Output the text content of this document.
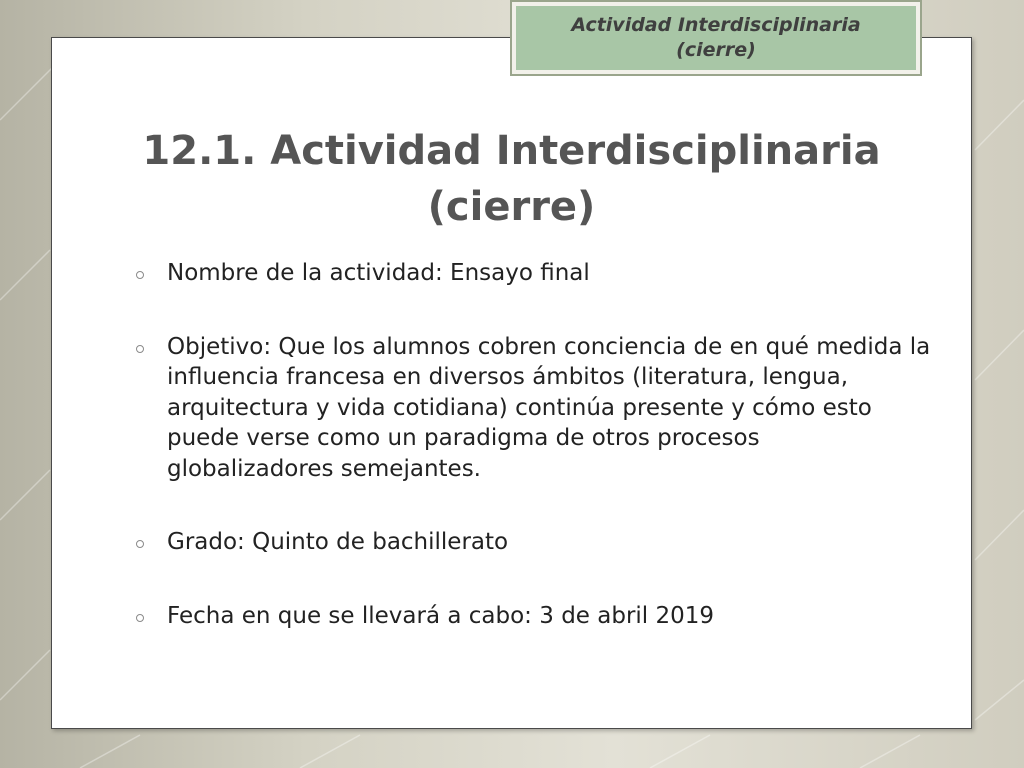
12.1. Actividad Interdisciplinaria
(cierre)
Nombre de la actividad: Ensayo final
Objetivo: Que los alumnos cobren conciencia de en qué medida la influencia francesa en diversos ámbitos (literatura, lengua, arquitectura y vida cotidiana) continúa presente y cómo esto puede verse como un paradigma de otros procesos globalizadores semejantes.
Grado: Quinto de bachillerato
Fecha en que se llevará a cabo: 3 de abril 2019
Actividad Interdisciplinaria
(cierre)
